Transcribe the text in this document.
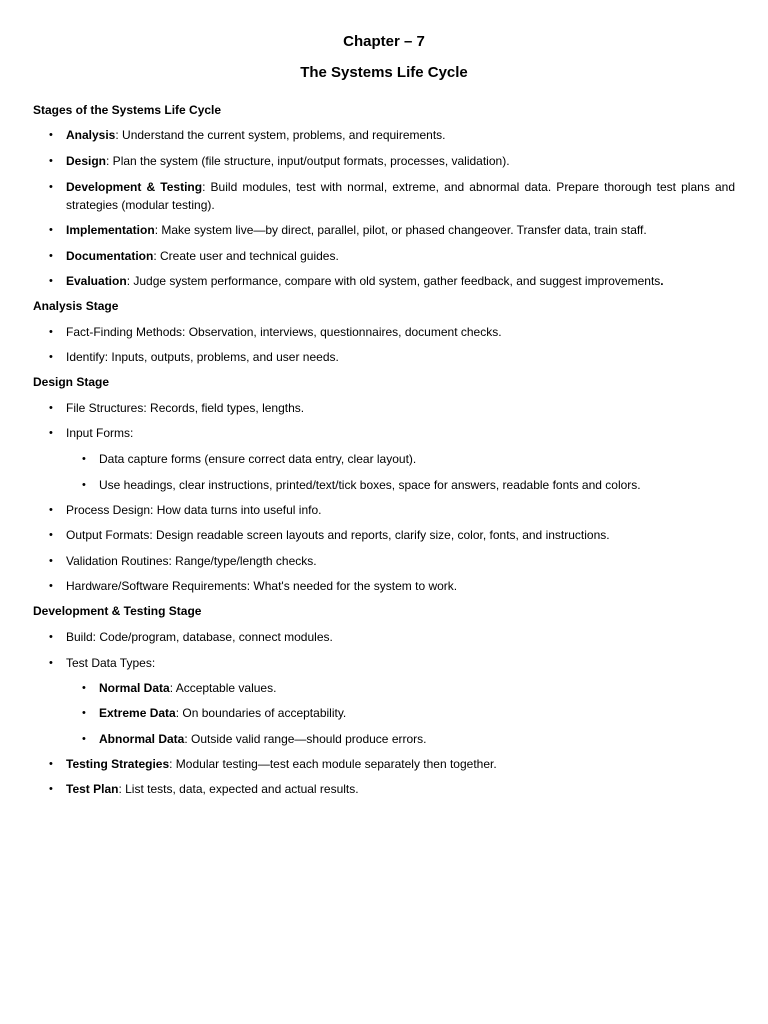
Chapter – 7
The Systems Life Cycle
Stages of the Systems Life Cycle
• Analysis: Understand the current system, problems, and requirements.
• Design: Plan the system (file structure, input/output formats, processes, validation).
• Development & Testing: Build modules, test with normal, extreme, and abnormal data. Prepare thorough test plans and strategies (modular testing).
• Implementation: Make system live—by direct, parallel, pilot, or phased changeover. Transfer data, train staff.
• Documentation: Create user and technical guides.
• Evaluation: Judge system performance, compare with old system, gather feedback, and suggest improvements.
Analysis Stage
• Fact-Finding Methods: Observation, interviews, questionnaires, document checks.
• Identify: Inputs, outputs, problems, and user needs.
Design Stage
• File Structures: Records, field types, lengths.
• Input Forms:
• Data capture forms (ensure correct data entry, clear layout).
• Use headings, clear instructions, printed/text/tick boxes, space for answers, readable fonts and colors.
• Process Design: How data turns into useful info.
• Output Formats: Design readable screen layouts and reports, clarify size, color, fonts, and instructions.
• Validation Routines: Range/type/length checks.
• Hardware/Software Requirements: What's needed for the system to work.
Development & Testing Stage
• Build: Code/program, database, connect modules.
• Test Data Types:
• Normal Data: Acceptable values.
• Extreme Data: On boundaries of acceptability.
• Abnormal Data: Outside valid range—should produce errors.
• Testing Strategies: Modular testing—test each module separately then together.
• Test Plan: List tests, data, expected and actual results.
